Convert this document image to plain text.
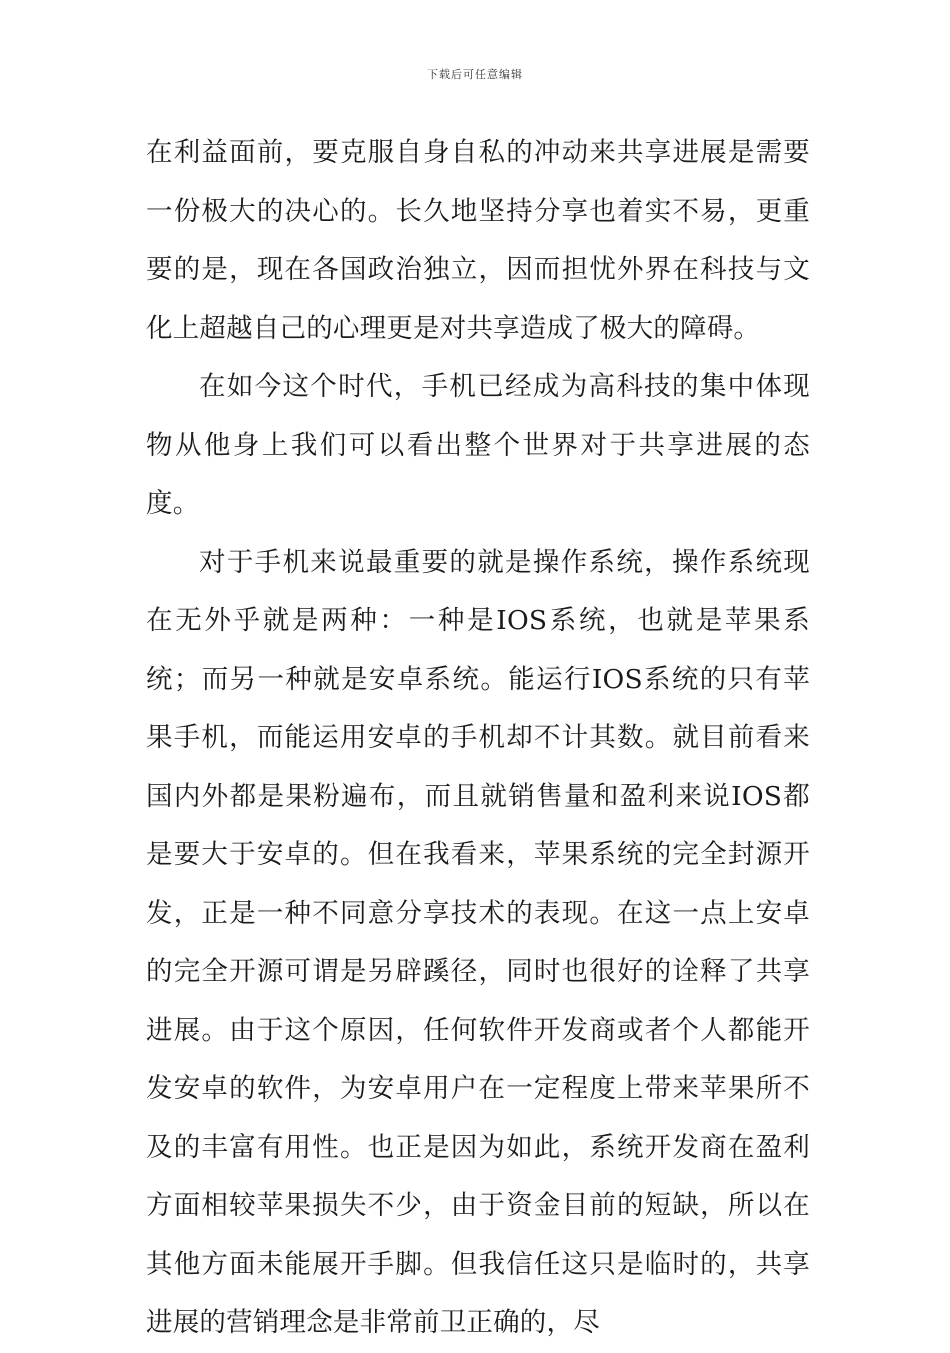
下载后可任意编辑

在利益面前，要克服自身自私的冲动来共享进展是需要一份极大的决心的。长久地坚持分享也着实不易，更重要的是，现在各国政治独立，因而担忧外界在科技与文化上超越自己的心理更是对共享造成了极大的障碍。

在如今这个时代，手机已经成为高科技的集中体现物从他身上我们可以看出整个世界对于共享进展的态度。

对于手机来说最重要的就是操作系统，操作系统现在无外乎就是两种：一种是IOS系统，也就是苹果系统；而另一种就是安卓系统。能运行IOS系统的只有苹果手机，而能运用安卓的手机却不计其数。就目前看来国内外都是果粉遍布，而且就销售量和盈利来说IOS都是要大于安卓的。但在我看来，苹果系统的完全封源开发，正是一种不同意分享技术的表现。在这一点上安卓的完全开源可谓是另辟蹊径，同时也很好的诠释了共享进展。由于这个原因，任何软件开发商或者个人都能开发安卓的软件，为安卓用户在一定程度上带来苹果所不及的丰富有用性。也正是因为如此，系统开发商在盈利方面相较苹果损失不少，由于资金目前的短缺，所以在其他方面未能展开手脚。但我信任这只是临时的，共享进展的营销理念是非常前卫正确的，尽
